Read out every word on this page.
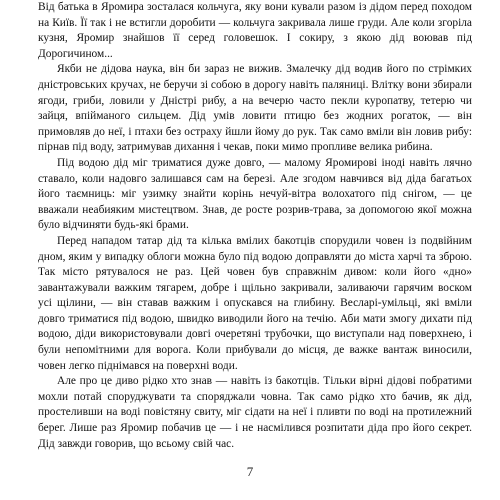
Від батька в Яромира зосталася кольчуга, яку вони кували разом із дідом перед походом на Київ. Її так і не встигли доробити — кольчуга закривала лише груди. Але коли згоріла кузня, Яромир знайшов її серед головешок. І сокиру, з якою дід воював під Дорогичином...

Якби не дідова наука, він би зараз не вижив. Змалечку дід водив його по стрімких дністровських кручах, не беручи зі собою в дорогу навіть паляниці. Влітку вони збирали ягоди, гриби, ловили у Дністрі рибу, а на вечерю часто пекли куропатву, тетерю чи зайця, впійманого сильцем. Дід умів ловити птицю без жодних рогаток, — він примовляв до неї, і птахи без остраху йшли йому до рук. Так само вміли він ловив рибу: пірнав під воду, затримував дихання і чекав, поки мимо пропливе велика рибина.

Під водою дід міг триматися дуже довго, — малому Яромирові іноді навіть лячно ставало, коли надовго залишався сам на березі. Але згодом навчився від діда багатьох його таємниць: міг узимку знайти корінь нечуй-вітра волохатого під снігом, — це вважали неабияким мистецтвом. Знав, де росте розрив-трава, за допомогою якої можна було відчиняти будь-які брами.

Перед нападом татар дід та кілька вмілих бакотців спорудили човен із подвійним дном, яким у випадку облоги можна було під водою доправляти до міста харчі та зброю. Так місто рятувалося не раз. Цей човен був справжнім дивом: коли його «дно» завантажували важким тягарем, добре і щільно закривали, заливаючи гарячим воском усі щілини, — він ставав важким і опускався на глибину. Весларі-умільці, які вміли довго триматися під водою, швидко виводили його на течію. Аби мати змогу дихати під водою, діди використовували довгі очеретяні трубочки, що виступали над поверхнею, і були непомітними для ворога. Коли прибували до місця, де важке вантаж виносили, човен легко піднімався на поверхні води.

Але про це диво рідко хто знав — навіть із бакотців. Тільки вірні дідові побратими мохли потай споруджувати та споряджали човна. Так само рідко хто бачив, як дід, простеливши на воді повістяну свиту, міг сідати на неї і пливти по воді на протилежний берег. Лише раз Яромир побачив це — і не насмілився розпитати діда про його секрет. Дід завжди говорив, що всьому свій час.

7
